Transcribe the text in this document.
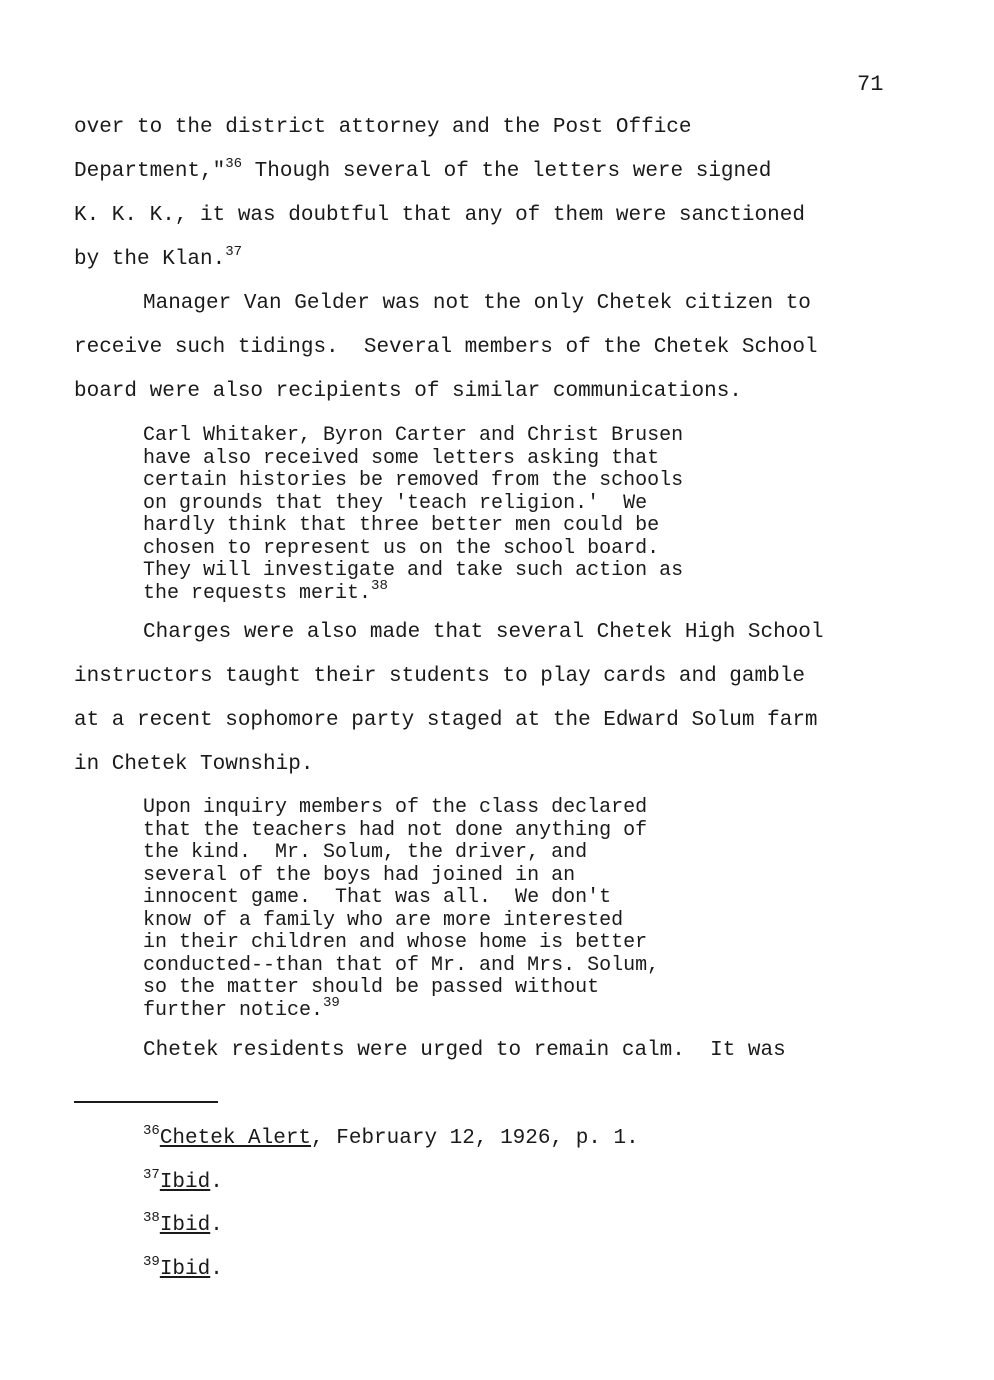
71
over to the district attorney and the Post Office
Department,"$^{36}$ Though several of the letters were signed
K. K. K., it was doubtful that any of them were sanctioned
by the Klan.$^{37}$
Manager Van Gelder was not the only Chetek citizen to
receive such tidings.  Several members of the Chetek School
board were also recipients of similar communications.
Carl Whitaker, Byron Carter and Christ Brusen
have also received some letters asking that
certain histories be removed from the schools
on grounds that they 'teach religion.'  We
hardly think that three better men could be
chosen to represent us on the school board.
They will investigate and take such action as
the requests merit.$^{38}$
Charges were also made that several Chetek High School
instructors taught their students to play cards and gamble
at a recent sophomore party staged at the Edward Solum farm
in Chetek Township.
Upon inquiry members of the class declared
that the teachers had not done anything of
the kind.  Mr. Solum, the driver, and
several of the boys had joined in an
innocent game.  That was all.  We don't
know of a family who are more interested
in their children and whose home is better
conducted--than that of Mr. and Mrs. Solum,
so the matter should be passed without
further notice.$^{39}$
Chetek residents were urged to remain calm.  It was
$^{36}$Chetek Alert, February 12, 1926, p. 1.
$^{37}$Ibid.
$^{38}$Ibid.
$^{39}$Ibid.
